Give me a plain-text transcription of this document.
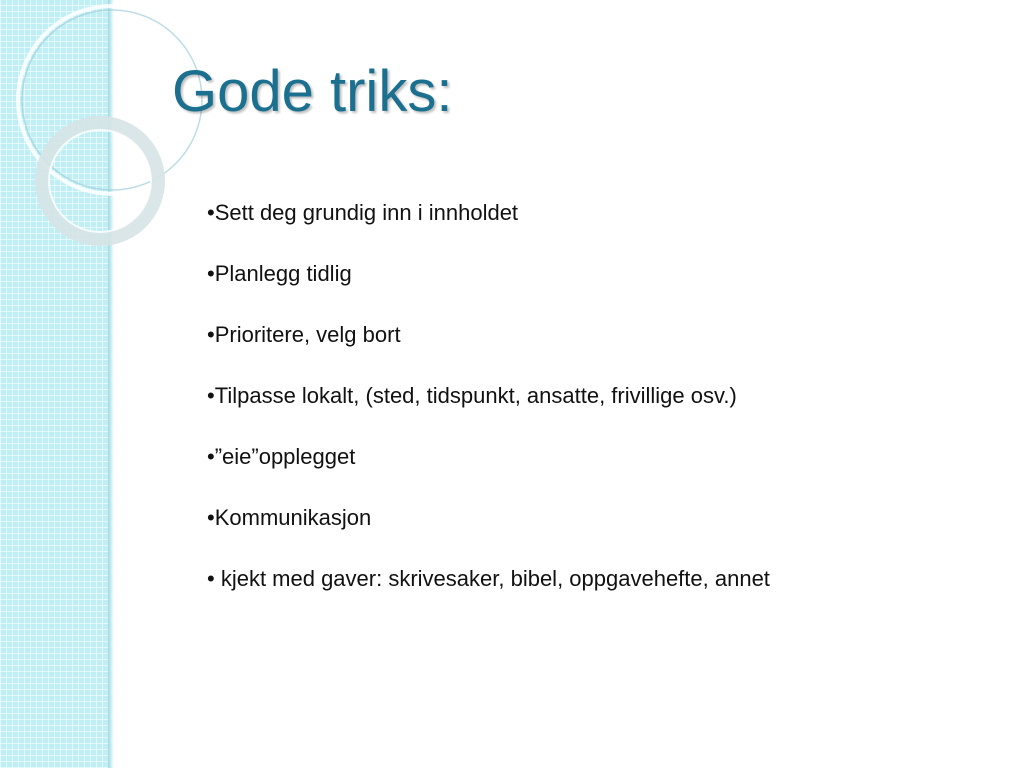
Gode triks:
•Sett deg grundig inn i innholdet
•Planlegg tidlig
•Prioritere, velg bort
•Tilpasse lokalt, (sted, tidspunkt, ansatte, frivillige osv.)
•”eie”opplegget
•Kommunikasjon
• kjekt med gaver: skrivesaker, bibel, oppgavehefte, annet
